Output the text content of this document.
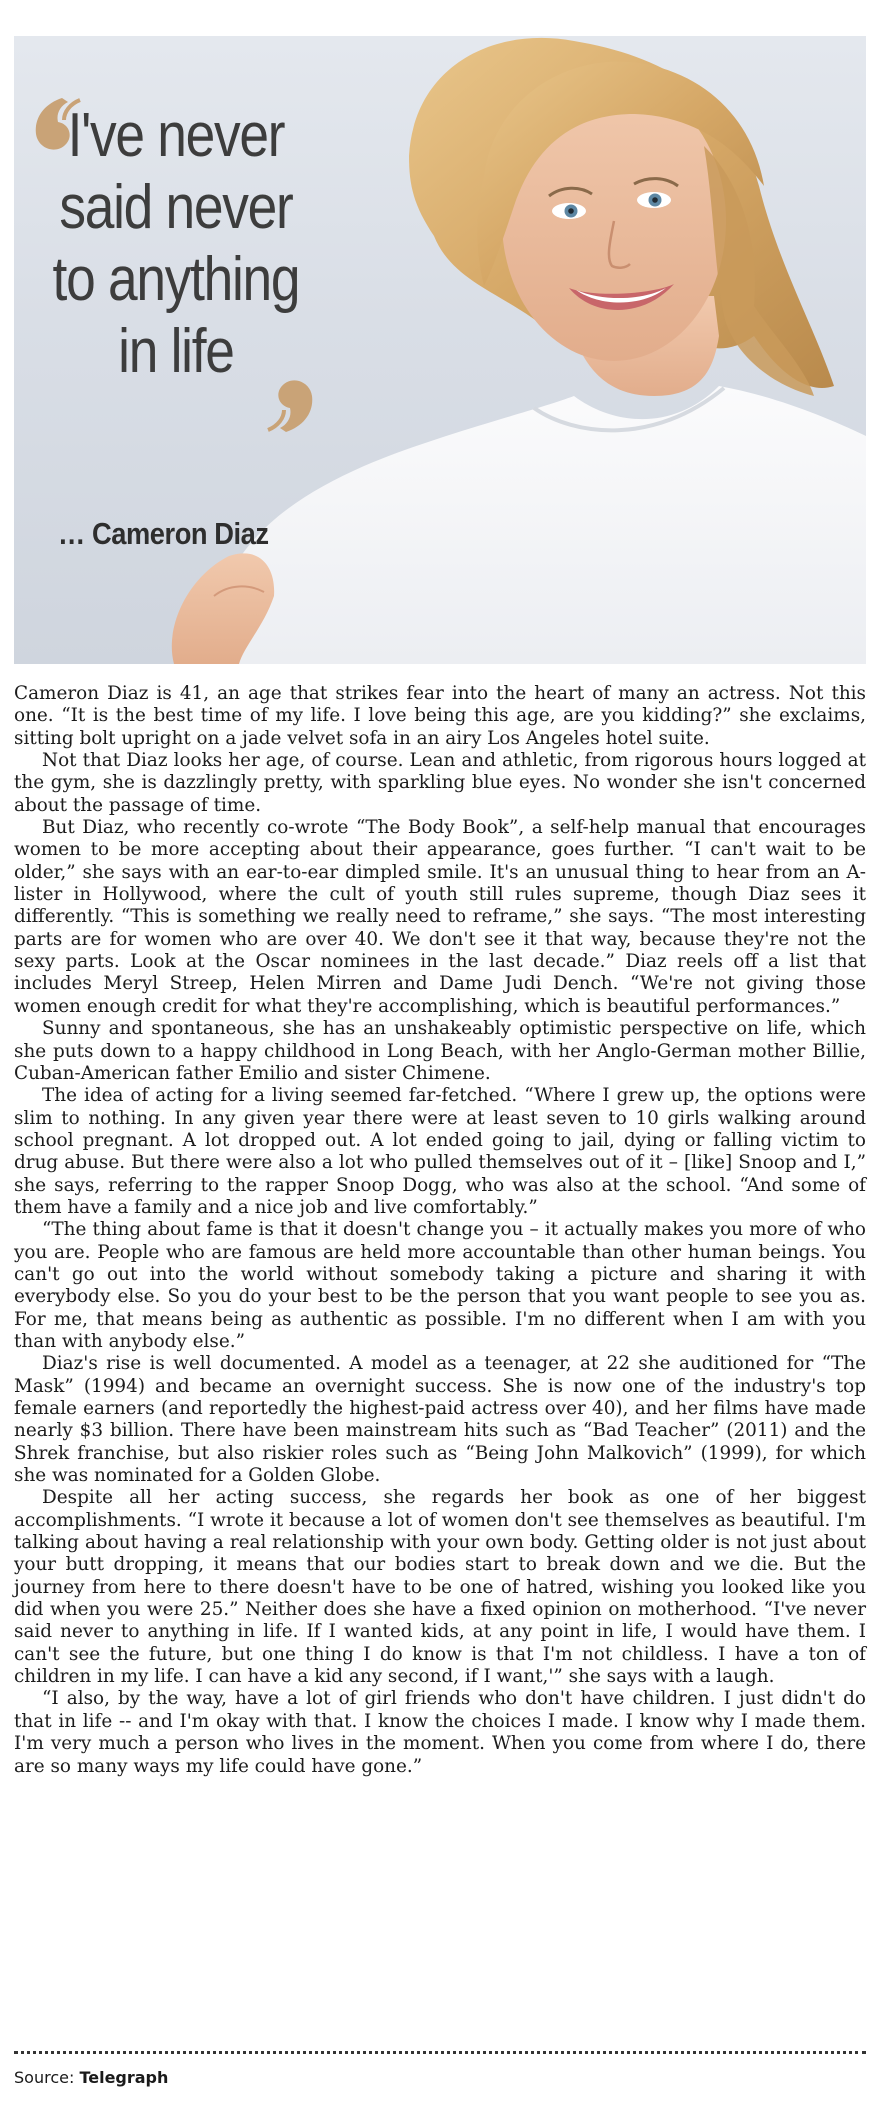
I've never
said never
to anything
in life
… Cameron Diaz

Cameron Diaz is 41, an age that strikes fear into the heart of many an actress. Not this one. “It is the best time of my life. I love being this age, are you kidding?” she exclaims, sitting bolt upright on a jade velvet sofa in an airy Los Angeles hotel suite.

Not that Diaz looks her age, of course. Lean and athletic, from rigorous hours logged at the gym, she is dazzlingly pretty, with sparkling blue eyes. No wonder she isn't concerned about the passage of time.

But Diaz, who recently co-wrote “The Body Book”, a self-help manual that encourages women to be more accepting about their appearance, goes further. “I can't wait to be older,” she says with an ear-to-ear dimpled smile. It's an unusual thing to hear from an A-lister in Hollywood, where the cult of youth still rules supreme, though Diaz sees it differently. “This is something we really need to reframe,” she says. “The most interesting parts are for women who are over 40. We don't see it that way, because they're not the sexy parts. Look at the Oscar nominees in the last decade.” Diaz reels off a list that includes Meryl Streep, Helen Mirren and Dame Judi Dench. “We're not giving those women enough credit for what they're accomplishing, which is beautiful performances.”

Sunny and spontaneous, she has an unshakeably optimistic perspective on life, which she puts down to a happy childhood in Long Beach, with her Anglo-German mother Billie, Cuban-American father Emilio and sister Chimene.

The idea of acting for a living seemed far-fetched. “Where I grew up, the options were slim to nothing. In any given year there were at least seven to 10 girls walking around school pregnant. A lot dropped out. A lot ended going to jail, dying or falling victim to drug abuse. But there were also a lot who pulled themselves out of it – [like] Snoop and I,” she says, referring to the rapper Snoop Dogg, who was also at the school. “And some of them have a family and a nice job and live comfortably.”

“The thing about fame is that it doesn't change you – it actually makes you more of who you are. People who are famous are held more accountable than other human beings. You can't go out into the world without somebody taking a picture and sharing it with everybody else. So you do your best to be the person that you want people to see you as. For me, that means being as authentic as possible. I'm no different when I am with you than with anybody else.”

Diaz's rise is well documented. A model as a teenager, at 22 she auditioned for “The Mask” (1994) and became an overnight success. She is now one of the industry's top female earners (and reportedly the highest-paid actress over 40), and her films have made nearly $3 billion. There have been mainstream hits such as “Bad Teacher” (2011) and the Shrek franchise, but also riskier roles such as “Being John Malkovich” (1999), for which she was nominated for a Golden Globe.

Despite all her acting success, she regards her book as one of her biggest accomplishments. “I wrote it because a lot of women don't see themselves as beautiful. I'm talking about having a real relationship with your own body. Getting older is not just about your butt dropping, it means that our bodies start to break down and we die. But the journey from here to there doesn't have to be one of hatred, wishing you looked like you did when you were 25.” Neither does she have a fixed opinion on motherhood. “I've never said never to anything in life. If I wanted kids, at any point in life, I would have them. I can't see the future, but one thing I do know is that I'm not childless. I have a ton of children in my life. I can have a kid any second, if I want,'” she says with a laugh.

“I also, by the way, have a lot of girl friends who don't have children. I just didn't do that in life -- and I'm okay with that. I know the choices I made. I know why I made them. I'm very much a person who lives in the moment. When you come from where I do, there are so many ways my life could have gone.”

Source: Telegraph
